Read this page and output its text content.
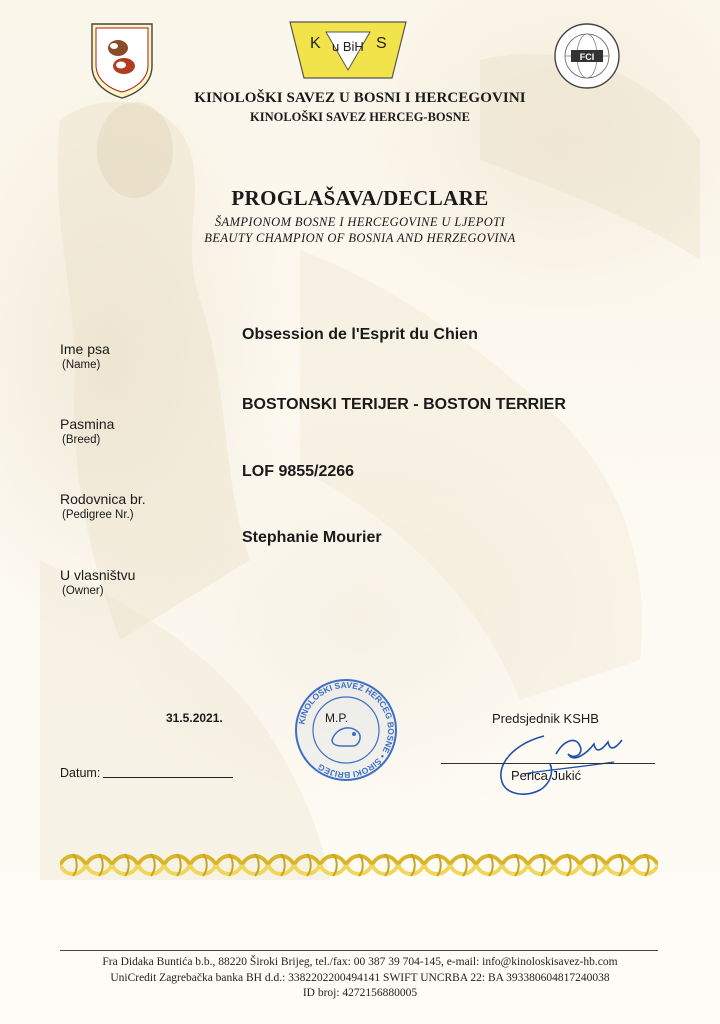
K u BiH S
FCI
KINOLOŠKI SAVEZ U BOSNI I HERCEGOVINI
KINOLOŠKI SAVEZ HERCEG-BOSNE
PROGLAŠAVA/DECLARE
ŠAMPIONOM BOSNE I HERCEGOVINE U LJEPOTI
BEAUTY CHAMPION OF BOSNIA AND HERZEGOVINA
Obsession de l'Esprit du Chien
Ime psa
(Name)
BOSTONSKI TERIJER - BOSTON TERRIER
Pasmina
(Breed)
LOF 9855/2266
Rodovnica br.
(Pedigree Nr.)
Stephanie Mourier
U vlasništvu
(Owner)
31.5.2021.
Datum:
KINOLOŠKI SAVEZ HERCEG BOSNE • ŠIROKI BRIJEG
M.P.	Predsjednik KSHB
Perica Jukić
Fra Didaka Buntića b.b., 88220 Široki Brijeg, tel./fax: 00 387 39 704-145, e-mail: info@kinoloskisavez-hb.com
UniCredit Zagrebačka banka BH d.d.: 3382202200494141 SWIFT UNCRBA 22: BA 393380604817240038
ID broj: 4272156880005
